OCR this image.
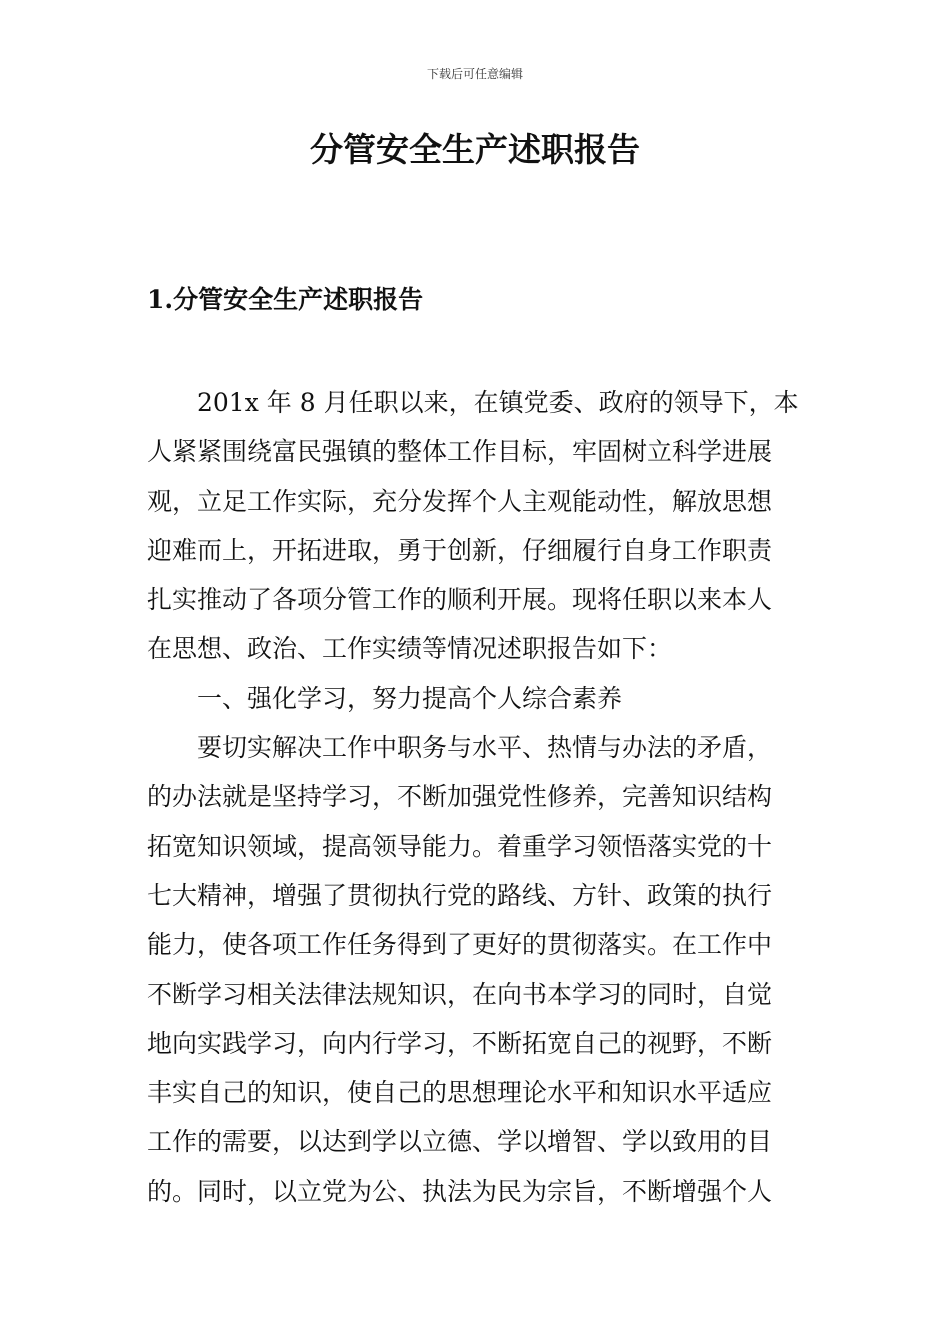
下载后可任意编辑
分管安全生产述职报告
1.分管安全生产述职报告
201x 年 8 月任职以来，在镇党委、政府的领导下，本
人紧紧围绕富民强镇的整体工作目标，牢固树立科学进展
观，立足工作实际，充分发挥个人主观能动性，解放思想
迎难而上，开拓进取，勇于创新，仔细履行自身工作职责
扎实推动了各项分管工作的顺利开展。现将任职以来本人
在思想、政治、工作实绩等情况述职报告如下：
一、强化学习，努力提高个人综合素养
要切实解决工作中职务与水平、热情与办法的矛盾，
的办法就是坚持学习，不断加强党性修养，完善知识结构
拓宽知识领域，提高领导能力。着重学习领悟落实党的十
七大精神，增强了贯彻执行党的路线、方针、政策的执行
能力，使各项工作任务得到了更好的贯彻落实。在工作中
不断学习相关法律法规知识，在向书本学习的同时，自觉
地向实践学习，向内行学习，不断拓宽自己的视野，不断
丰实自己的知识，使自己的思想理论水平和知识水平适应
工作的需要，以达到学以立德、学以增智、学以致用的目
的。同时，以立党为公、执法为民为宗旨，不断增强个人
